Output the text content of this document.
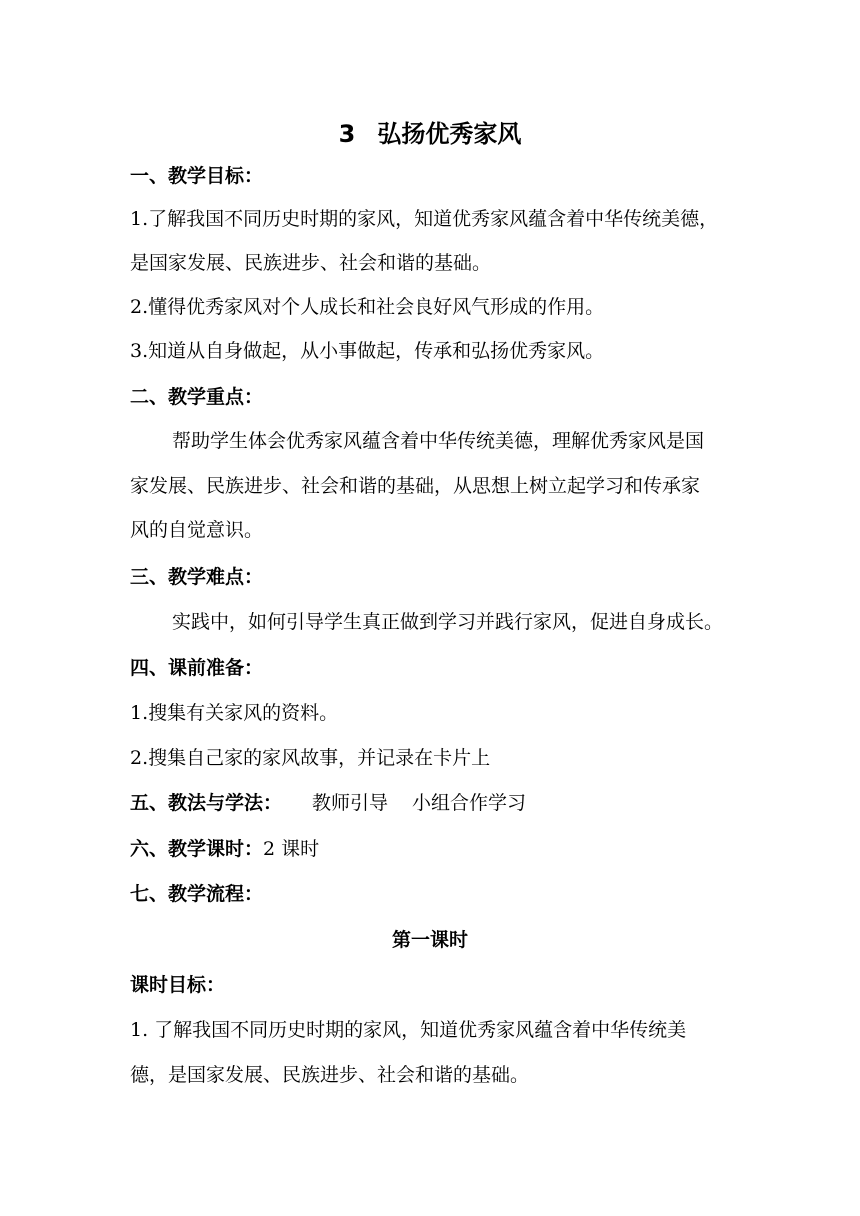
3 弘扬优秀家风
一、教学目标：
1.了解我国不同历史时期的家风，知道优秀家风蕴含着中华传统美德，
是国家发展、民族进步、社会和谐的基础。
2.懂得优秀家风对个人成长和社会良好风气形成的作用。
3.知道从自身做起，从小事做起，传承和弘扬优秀家风。
二、教学重点：
帮助学生体会优秀家风蕴含着中华传统美德，理解优秀家风是国
家发展、民族进步、社会和谐的基础，从思想上树立起学习和传承家
风的自觉意识。
三、教学难点：
实践中，如何引导学生真正做到学习并践行家风，促进自身成长。
四、课前准备：
1.搜集有关家风的资料。
2.搜集自己家的家风故事，并记录在卡片上
五、教法与学法： 教师引导 小组合作学习
六、教学课时：2 课时
七、教学流程：
第一课时
课时目标：
1. 了解我国不同历史时期的家风，知道优秀家风蕴含着中华传统美
德，是国家发展、民族进步、社会和谐的基础。
